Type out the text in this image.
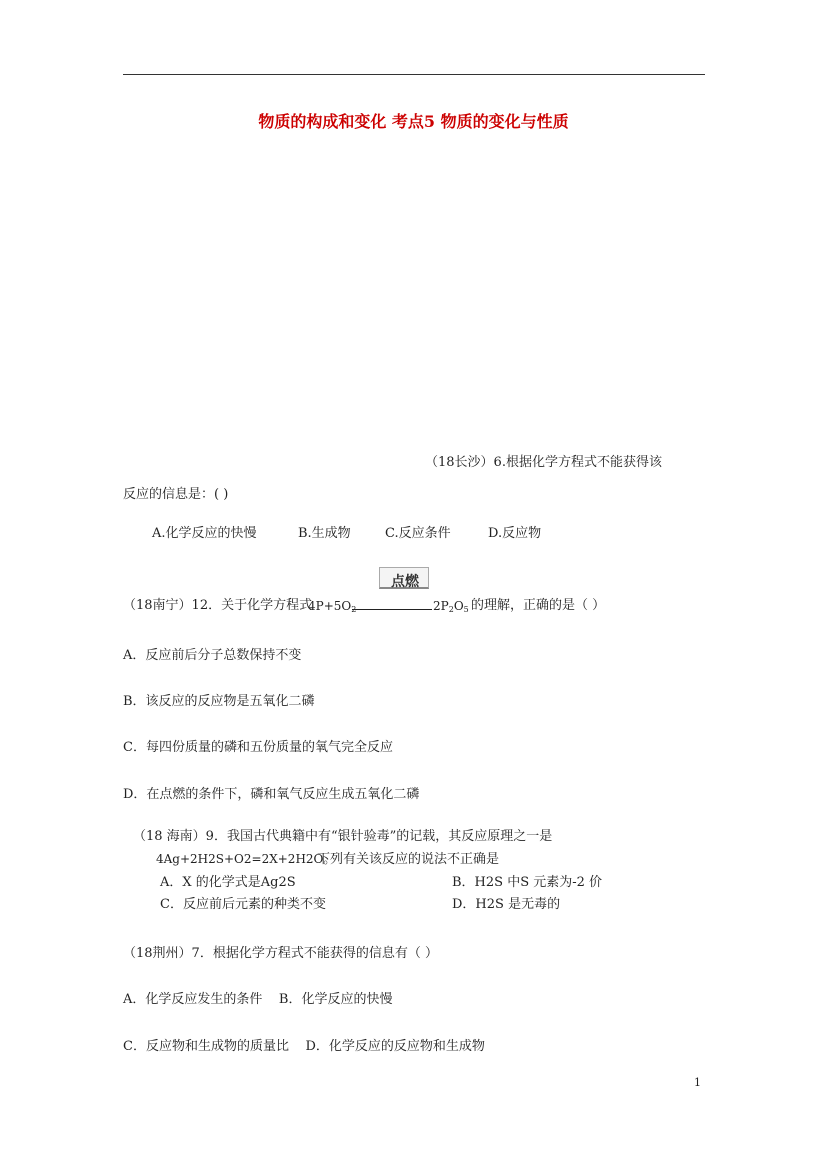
物质的构成和变化 考点5 物质的变化与性质
（18长沙）6.根据化学方程式不能获得该
反应的信息是：( )
A.化学反应的快慢	B.生成物	C.反应条件	D.反应物
点燃
（18南宁）12．关于化学方程式
4P+5O	$2P_2O_5$ 的理解，正确的是（ ）
A．反应前后分子总数保持不变
B．该反应的反应物是五氧化二磷
C．每四份质量的磷和五份质量的氧气完全反应
D．在点燃的条件下，磷和氧气反应生成五氧化二磷
（18 海南）9．我国古代典籍中有“银针验毒”的记载，其反应原理之一是
4Ag+2H2S+O2=2X+2H2O。
下列有关该反应的说法不正确是
A．X 的化学式是Ag2S	B．H2S 中S 元素为-2 价
C．反应前后元素的种类不变	D．H2S 是无毒的
（18荆州）7．根据化学方程式不能获得的信息有（ ）
A．化学反应发生的条件    B．化学反应的快慢
C．反应物和生成物的质量比    D．化学反应的反应物和生成物
1
